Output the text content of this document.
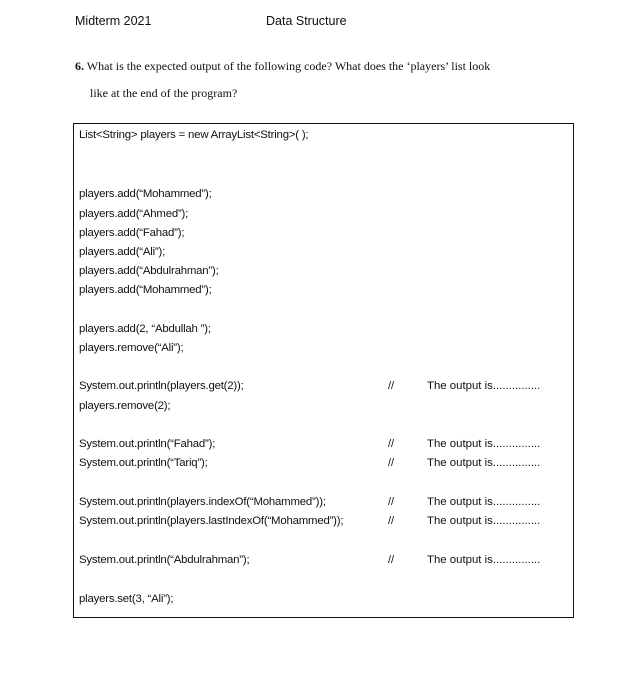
Midterm 2021	Data Structure
6. What is the expected output of the following code? What does the ‘players’ list look
like at the end of the program?
List<String> players = new ArrayList<String>( );
players.add(“Mohammed”);
players.add(“Ahmed”);
players.add(“Fahad”);
players.add(“Ali”);
players.add(“Abdulrahman”);
players.add(“Mohammed”);
players.add(2, “Abdullah ”);
players.remove(“Ali”);
System.out.println(players.get(2));	//	The output is...............
players.remove(2);
System.out.println(“Fahad”);	//	The output is...............
System.out.println(“Tariq”);	//	The output is...............
System.out.println(players.indexOf(“Mohammed”));	//	The output is...............
System.out.println(players.lastIndexOf(“Mohammed”));	//	The output is...............
System.out.println(“Abdulrahman”);	//	The output is...............
players.set(3, “Ali”);
